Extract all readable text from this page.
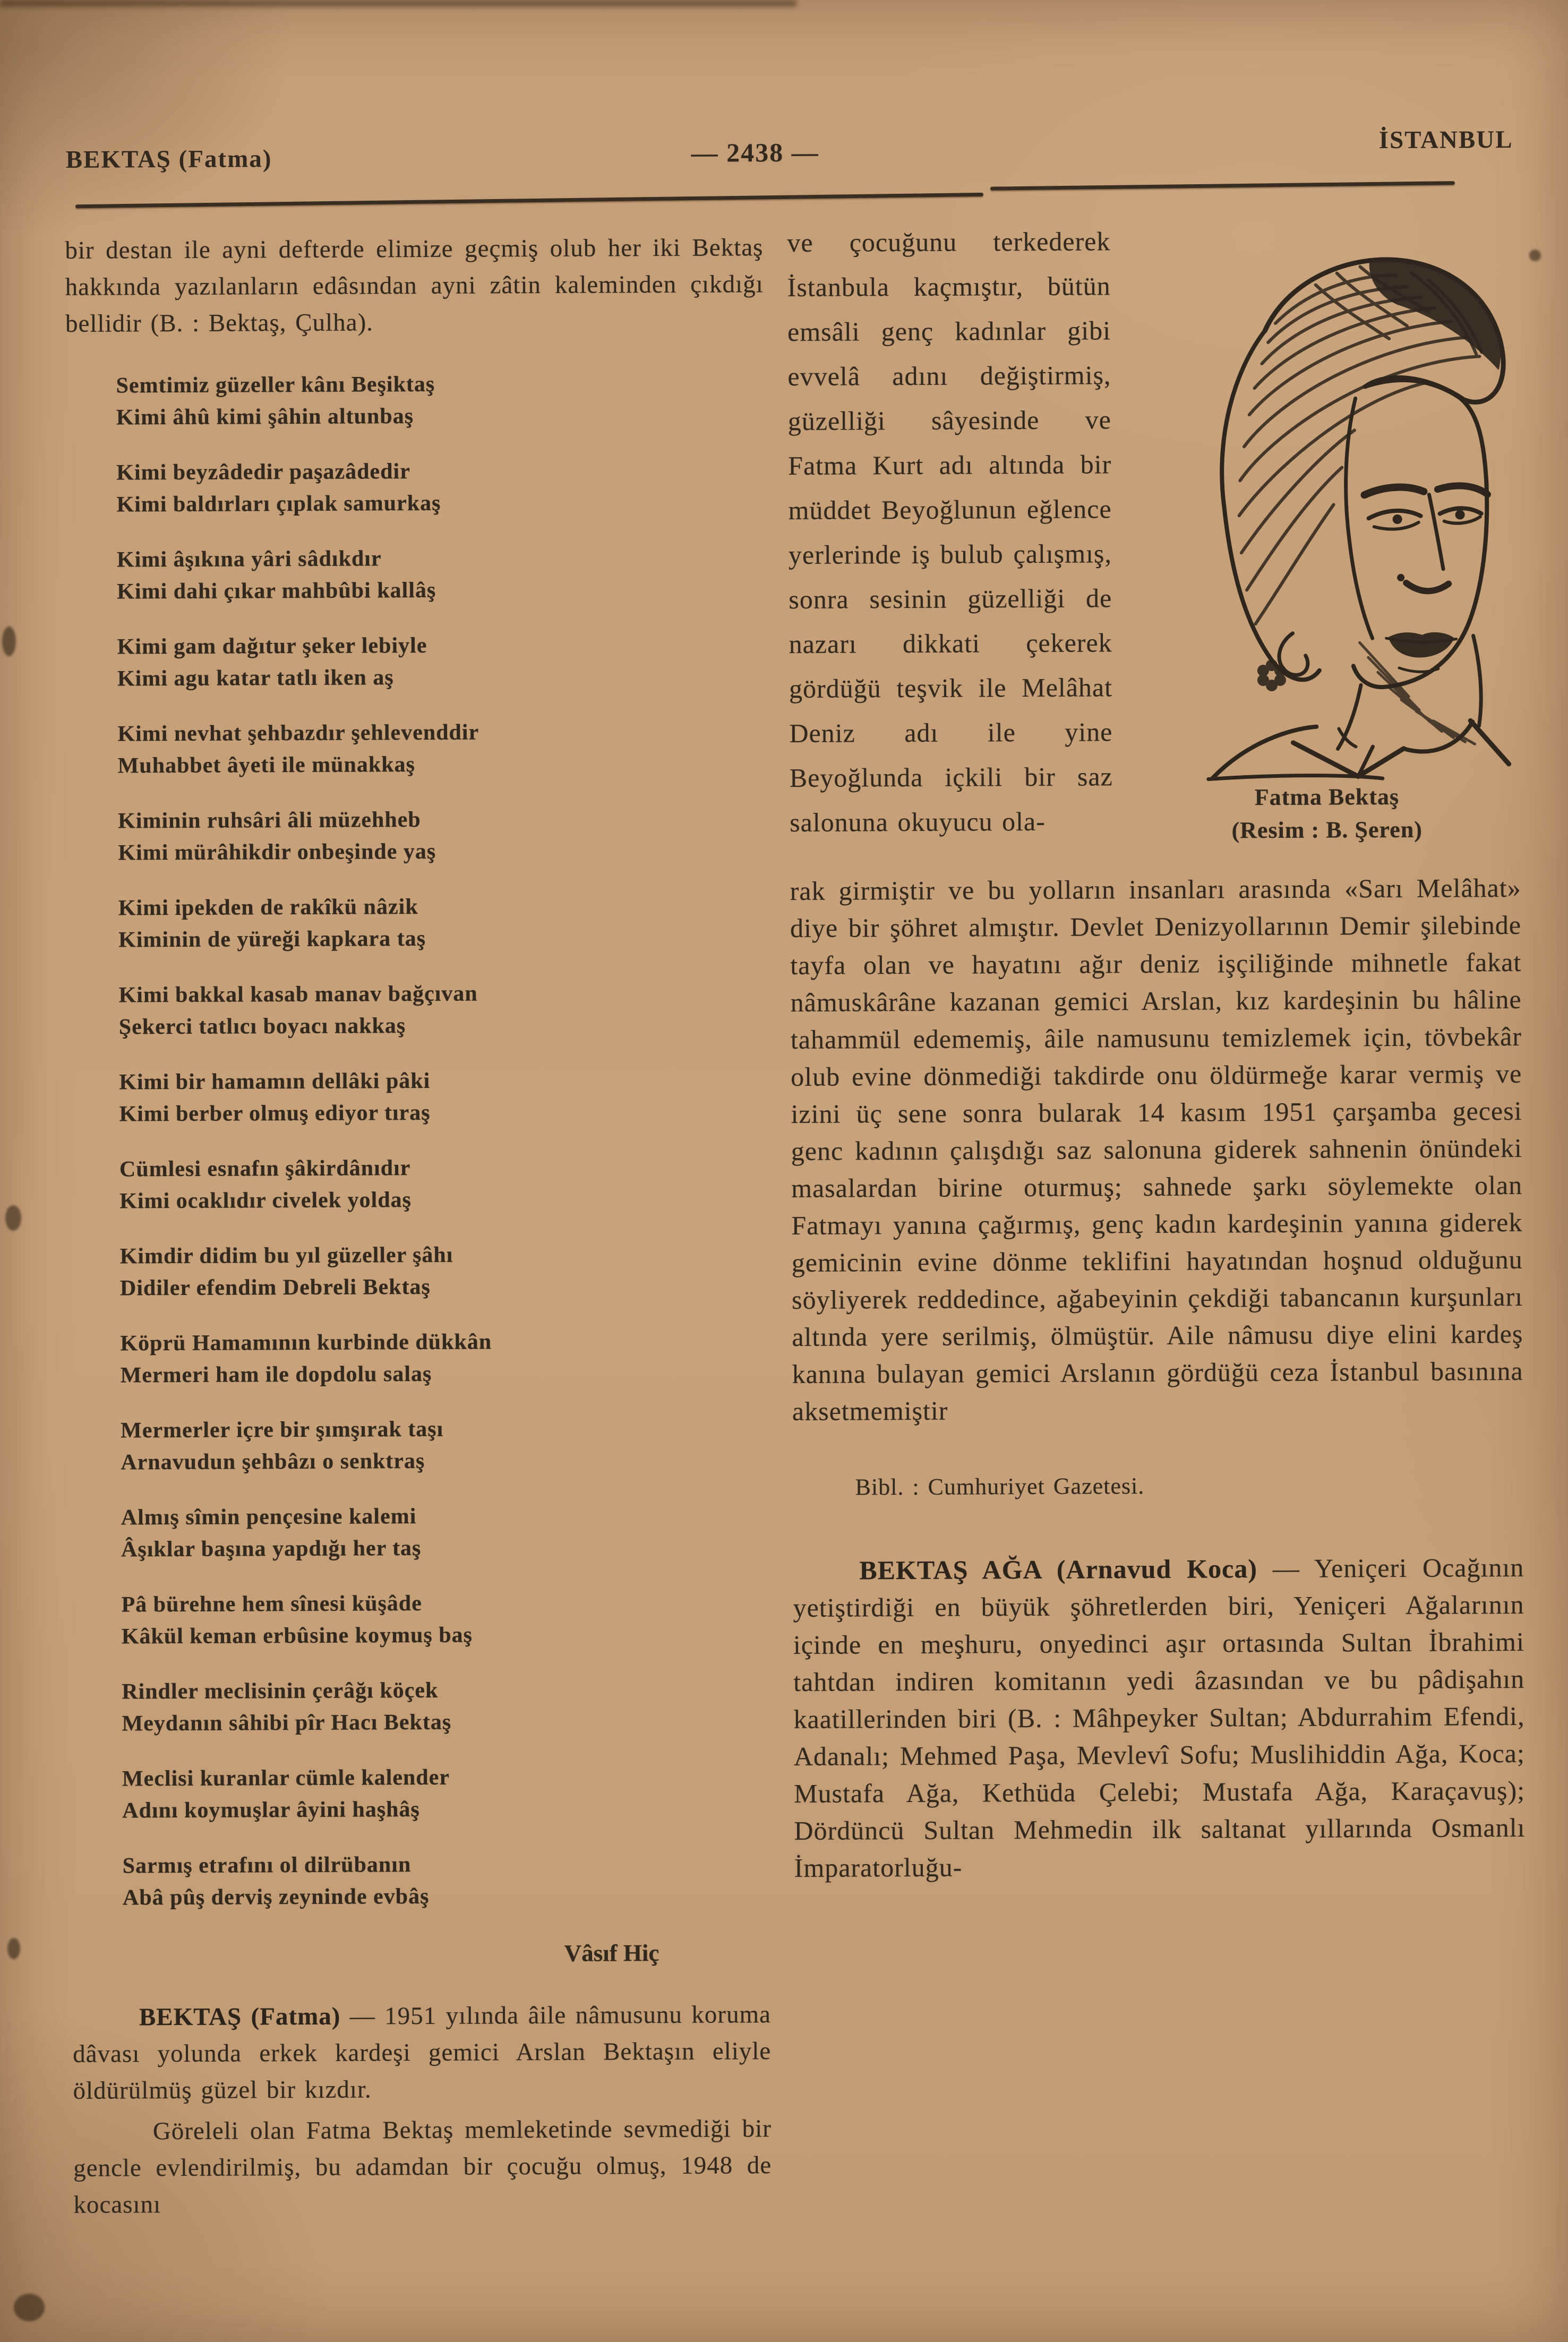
BEKTAŞ (Fatma)	— 2438 —	İSTANBUL

bir destan ile ayni defterde elimize geçmiş olub her iki Bektaş hakkında yazılanların edâsından ayni zâtin kaleminden çıkdığı bellidir (B. : Bektaş, Çulha).

Semtimiz güzeller kânı Beşiktaş
Kimi âhû kimi şâhin altunbaş
Kimi beyzâdedir paşazâdedir
Kimi baldırları çıplak samurkaş
Kimi âşıkına yâri sâdıkdır
Kimi dahi çıkar mahbûbi kallâş
Kimi gam dağıtur şeker lebiyle
Kimi agu katar tatlı iken aş
Kimi nevhat şehbazdır şehlevenddir
Muhabbet âyeti ile münakkaş
Kiminin ruhsâri âli müzehheb
Kimi mürâhikdir onbeşinde yaş
Kimi ipekden de rakîkü nâzik
Kiminin de yüreği kapkara taş
Kimi bakkal kasab manav bağçıvan
Şekerci tatlıcı boyacı nakkaş
Kimi bir hamamın dellâki pâki
Kimi berber olmuş ediyor tıraş
Cümlesi esnafın şâkirdânıdır
Kimi ocaklıdır civelek yoldaş
Kimdir didim bu yıl güzeller şâhı
Didiler efendim Debreli Bektaş
Köprü Hamamının kurbinde dükkân
Mermeri ham ile dopdolu salaş
Mermerler içre bir şımşırak taşı
Arnavudun şehbâzı o senktraş
Almış sîmin pençesine kalemi
Âşıklar başına yapdığı her taş
Pâ bürehne hem sînesi küşâde
Kâkül keman erbûsine koymuş baş
Rindler meclisinin çerâğı köçek
Meydanın sâhibi pîr Hacı Bektaş
Meclisi kuranlar cümle kalender
Adını koymuşlar âyini haşhâş
Sarmış etrafını ol dilrübanın
Abâ pûş derviş zeyninde evbâş
Vâsıf Hiç

BEKTAŞ (Fatma) — 1951 yılında âile nâmusunu koruma dâvası yolunda erkek kardeşi gemici Arslan Bektaşın eliyle öldürülmüş güzel bir kızdır.

Göreleli olan Fatma Bektaş memleketinde sevmediği bir gencle evlendirilmiş, bu adamdan bir çocuğu olmuş, 1948 de kocasını

Fatma Bektaş
(Resim : B. Şeren)

ve çocuğunu terkederek İstanbula kaçmıştır, bütün emsâli genç kadınlar gibi evvelâ adını değiştirmiş, güzelliği sâyesinde ve Fatma Kurt adı altında bir müddet Beyoğlunun eğlence yerlerinde iş bulub çalışmış, sonra sesinin güzelliği de nazarı dikkati çekerek gördüğü teşvik ile Melâhat Deniz adı ile yine Beyoğlunda içkili bir saz salonuna okuyucu ola-

rak girmiştir ve bu yolların insanları arasında «Sarı Melâhat» diye bir şöhret almıştır. Devlet Denizyollarının Demir şilebinde tayfa olan ve hayatını ağır deniz işçiliğinde mihnetle fakat nâmuskârâne kazanan gemici Arslan, kız kardeşinin bu hâline tahammül edememiş, âile namusunu temizlemek için, tövbekâr olub evine dönmediği takdirde onu öldürmeğe karar vermiş ve izini üç sene sonra bularak 14 kasım 1951 çarşamba gecesi genc kadının çalışdığı saz salonuna giderek sahnenin önündeki masalardan birine oturmuş; sahnede şarkı söylemekte olan Fatmayı yanına çağırmış, genç kadın kardeşinin yanına giderek gemicinin evine dönme teklifini hayatından hoşnud olduğunu söyliyerek reddedince, ağabeyinin çekdiği tabancanın kurşunları altında yere serilmiş, ölmüştür. Aile nâmusu diye elini kardeş kanına bulayan gemici Arslanın gördüğü ceza İstanbul basınına aksetmemiştir

Bibl. : Cumhuriyet Gazetesi.

BEKTAŞ AĞA (Arnavud Koca) — Yeniçeri Ocağının yetiştirdiği en büyük şöhretlerden biri, Yeniçeri Ağalarının içinde en meşhuru, onyedinci aşır ortasında Sultan İbrahimi tahtdan indiren komitanın yedi âzasından ve bu pâdişahın kaatillerinden biri (B. : Mâhpeyker Sultan; Abdurrahim Efendi, Adanalı; Mehmed Paşa, Mevlevî Sofu; Muslihiddin Ağa, Koca; Mustafa Ağa, Kethüda Çelebi; Mustafa Ağa, Karaçavuş); Dördüncü Sultan Mehmedin ilk saltanat yıllarında Osmanlı İmparatorluğu-
